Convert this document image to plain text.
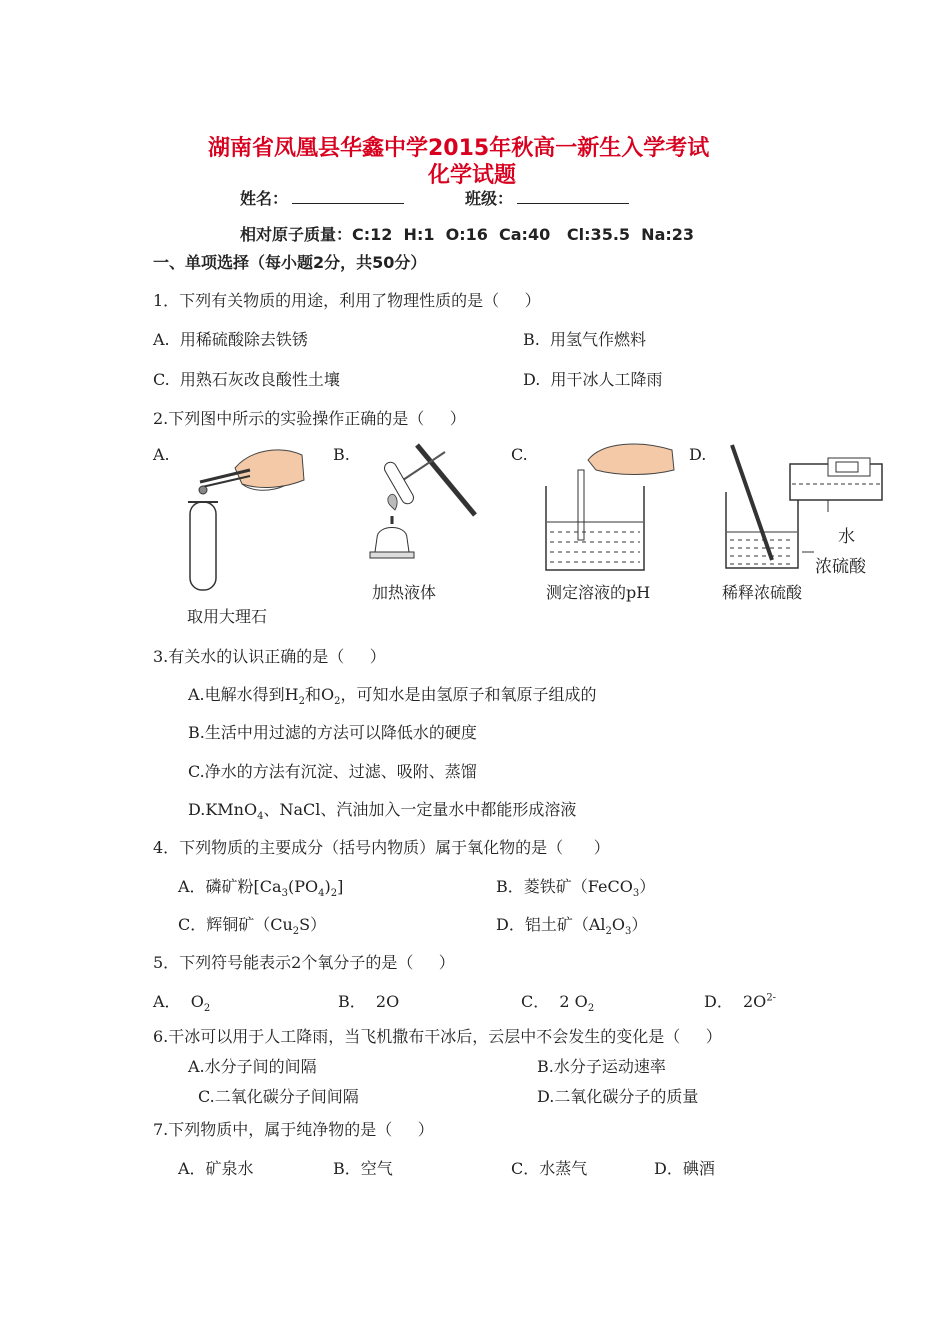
湖南省凤凰县华鑫中学2015年秋高一新生入学考试
化学试题
姓名：	班级：
相对原子质量：C:12  H:1  O:16  Ca:40   Cl:35.5  Na:23
一、单项选择（每小题2分，共50分）
1．下列有关物质的用途，利用了物理性质的是（     ）
A.  用稀硫酸除去铁锈	B.  用氢气作燃料
C.  用熟石灰改良酸性土壤	D.  用干冰人工降雨
2.下列图中所示的实验操作正确的是（     ）
A.	B.	C.	D.
取用大理石
加热液体	测定溶液的pH
水
浓硫酸
稀释浓硫酸
3.有关水的认识正确的是（     ）
A.电解水得到$H_2$和$O_2$，可知水是由氢原子和氧原子组成的
B.生活中用过滤的方法可以降低水的硬度
C.净水的方法有沉淀、过滤、吸附、蒸馏
D.KMnO$_4$、NaCl、汽油加入一定量水中都能形成溶液
4．下列物质的主要成分（括号内物质）属于氧化物的是（      ）
A．磷矿粉$[Ca_3(PO_4)_2]$	B．菱铁矿（FeCO$_3$）
C．辉铜矿$(Cu_2S)$	D．铝土矿$(Al_2O_3)$
5．下列符号能表示2个氧分子的是（     ）
A．  $O_2$	B．  2O	C．  2 $O_2$	D．  $2O^{2-}$
6.干冰可以用于人工降雨，当飞机撒布干冰后，云层中不会发生的变化是（     ）
A.水分子间的间隔	B.水分子运动速率
C.二氧化碳分子间间隔	D.二氧化碳分子的质量
7.下列物质中，属于纯净物的是（     ）
A．矿泉水	B．空气	C．水蒸气	D．碘酒
